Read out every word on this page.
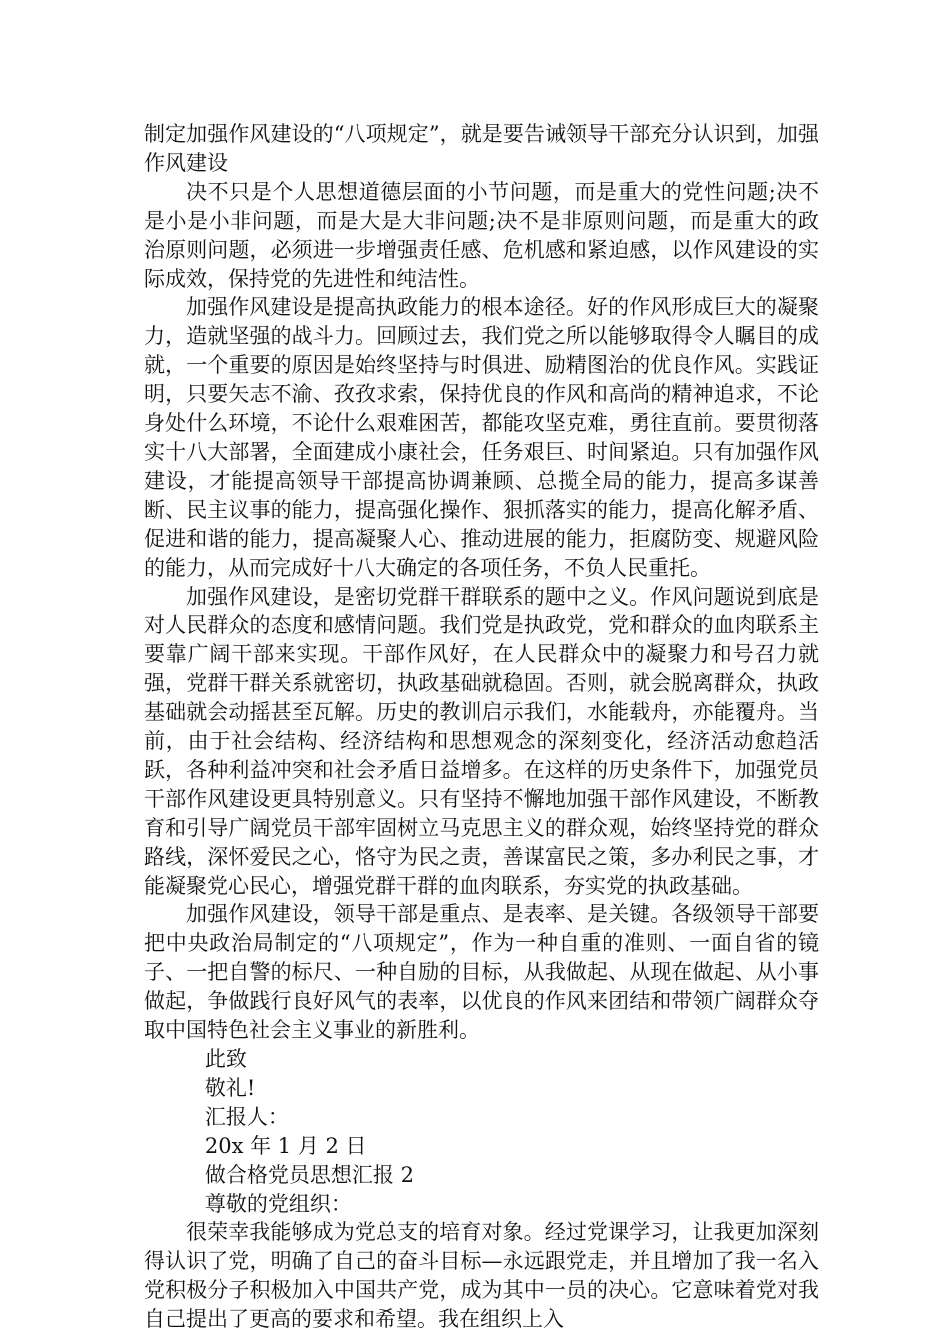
制定加强作风建设的“八项规定”，就是要告诫领导干部充分认识到，加强作风建设

决不只是个人思想道德层面的小节问题，而是重大的党性问题;决不是小是小非问题，而是大是大非问题;决不是非原则问题，而是重大的政治原则问题，必须进一步增强责任感、危机感和紧迫感，以作风建设的实际成效，保持党的先进性和纯洁性。

加强作风建设是提高执政能力的根本途径。好的作风形成巨大的凝聚力，造就坚强的战斗力。回顾过去，我们党之所以能够取得令人瞩目的成就，一个重要的原因是始终坚持与时俱进、励精图治的优良作风。实践证明，只要矢志不渝、孜孜求索，保持优良的作风和高尚的精神追求，不论身处什么环境，不论什么艰难困苦，都能攻坚克难，勇往直前。要贯彻落实十八大部署，全面建成小康社会，任务艰巨、时间紧迫。只有加强作风建设，才能提高领导干部提高协调兼顾、总揽全局的能力，提高多谋善断、民主议事的能力，提高强化操作、狠抓落实的能力，提高化解矛盾、促进和谐的能力，提高凝聚人心、推动进展的能力，拒腐防变、规避风险的能力，从而完成好十八大确定的各项任务，不负人民重托。

加强作风建设，是密切党群干群联系的题中之义。作风问题说到底是对人民群众的态度和感情问题。我们党是执政党，党和群众的血肉联系主要靠广阔干部来实现。干部作风好，在人民群众中的凝聚力和号召力就强，党群干群关系就密切，执政基础就稳固。否则，就会脱离群众，执政基础就会动摇甚至瓦解。历史的教训启示我们，水能载舟，亦能覆舟。当前，由于社会结构、经济结构和思想观念的深刻变化，经济活动愈趋活跃，各种利益冲突和社会矛盾日益增多。在这样的历史条件下，加强党员干部作风建设更具特别意义。只有坚持不懈地加强干部作风建设，不断教育和引导广阔党员干部牢固树立马克思主义的群众观，始终坚持党的群众路线，深怀爱民之心，恪守为民之责，善谋富民之策，多办利民之事，才能凝聚党心民心，增强党群干群的血肉联系，夯实党的执政基础。

加强作风建设，领导干部是重点、是表率、是关键。各级领导干部要把中央政治局制定的“八项规定”，作为一种自重的准则、一面自省的镜子、一把自警的标尺、一种自励的目标，从我做起、从现在做起、从小事做起，争做践行良好风气的表率，以优良的作风来团结和带领广阔群众夺取中国特色社会主义事业的新胜利。

此致

敬礼!

汇报人：

20x 年 1 月 2 日

做合格党员思想汇报 2

尊敬的党组织：

很荣幸我能够成为党总支的培育对象。经过党课学习，让我更加深刻得认识了党，明确了自己的奋斗目标—永远跟党走，并且增加了我一名入党积极分子积极加入中国共产党，成为其中一员的决心。它意味着党对我自己提出了更高的要求和希望。我在组织上入
